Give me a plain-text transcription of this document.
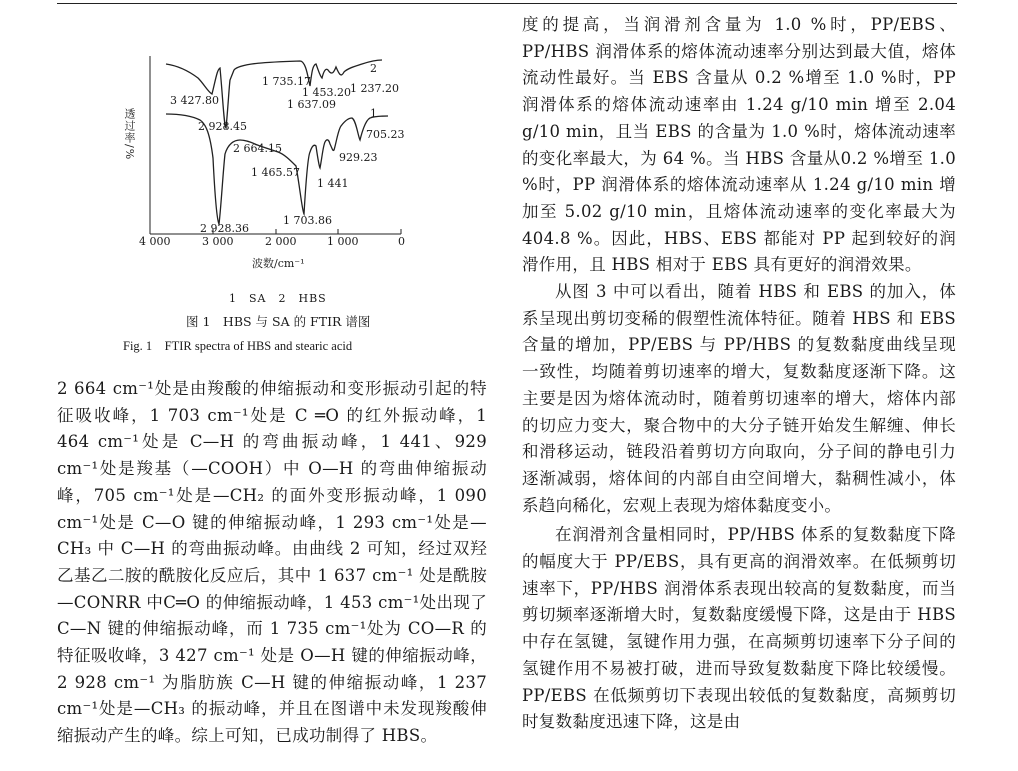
透过率/%
2
1
3 427.80
1 735.17
1 453.20 1 237.20
1 637.09
2 928.45
705.23
2 664.15
929.23
1 465.57
1 441
2 928.36
1 703.86
4 000	3 000	2 000	1 000	0
波数/cm⁻¹
1　SA　2　HBS
图 1　HBS 与 SA 的 FTIR 谱图
Fig. 1　FTIR spectra of HBS and stearic acid

2 664 cm⁻¹处是由羧酸的伸缩振动和变形振动引起的特征吸收峰，1 703 cm⁻¹处是 C ═O 的红外振动峰，1 464 cm⁻¹处是 C—H 的弯曲振动峰，1 441、929 cm⁻¹处是羧基（—COOH）中 O—H 的弯曲伸缩振动峰，705 cm⁻¹处是—CH₂ 的面外变形振动峰，1 090 cm⁻¹处是 C—O 键的伸缩振动峰，1 293 cm⁻¹处是—CH₃ 中 C—H 的弯曲振动峰。由曲线 2 可知，经过双羟乙基乙二胺的酰胺化反应后，其中 1 637 cm⁻¹ 处是酰胺—CONRR 中C═O 的伸缩振动峰，1 453 cm⁻¹处出现了 C—N 键的伸缩振动峰，而 1 735 cm⁻¹处为 CO—R 的特征吸收峰，3 427 cm⁻¹ 处是 O—H 键的伸缩振动峰，2 928 cm⁻¹ 为脂肪族 C—H 键的伸缩振动峰，1 237 cm⁻¹处是—CH₃ 的振动峰，并且在图谱中未发现羧酸伸缩振动产生的峰。综上可知，已成功制得了 HBS。

度的提高，当润滑剂含量为 1.0 %时，PP/EBS、PP/HBS 润滑体系的熔体流动速率分别达到最大值，熔体流动性最好。当 EBS 含量从 0.2 %增至 1.0 %时，PP 润滑体系的熔体流动速率由 1.24 g/10 min 增至 2.04 g/10 min，且当 EBS 的含量为 1.0 %时，熔体流动速率的变化率最大，为 64 %。当 HBS 含量从0.2 %增至 1.0 %时，PP 润滑体系的熔体流动速率从 1.24 g/10 min 增加至 5.02 g/10 min，且熔体流动速率的变化率最大为 404.8 %。因此，HBS、EBS 都能对 PP 起到较好的润滑作用，且 HBS 相对于 EBS 具有更好的润滑效果。

从图 3 中可以看出，随着 HBS 和 EBS 的加入，体系呈现出剪切变稀的假塑性流体特征。随着 HBS 和 EBS 含量的增加，PP/EBS 与 PP/HBS 的复数黏度曲线呈现一致性，均随着剪切速率的增大，复数黏度逐渐下降。这主要是因为熔体流动时，随着剪切速率的增大，熔体内部的切应力变大，聚合物中的大分子链开始发生解缠、伸长和滑移运动，链段沿着剪切方向取向，分子间的静电引力逐渐减弱，熔体间的内部自由空间增大，黏稠性减小，体系趋向稀化，宏观上表现为熔体黏度变小。

在润滑剂含量相同时，PP/HBS 体系的复数黏度下降的幅度大于 PP/EBS，具有更高的润滑效率。在低频剪切速率下，PP/HBS 润滑体系表现出较高的复数黏度，而当剪切频率逐渐增大时，复数黏度缓慢下降，这是由于 HBS 中存在氢键，氢键作用力强，在高频剪切速率下分子间的氢键作用不易被打破，进而导致复数黏度下降比较缓慢。PP/EBS 在低频剪切下表现出较低的复数黏度，高频剪切时复数黏度迅速下降，这是由
